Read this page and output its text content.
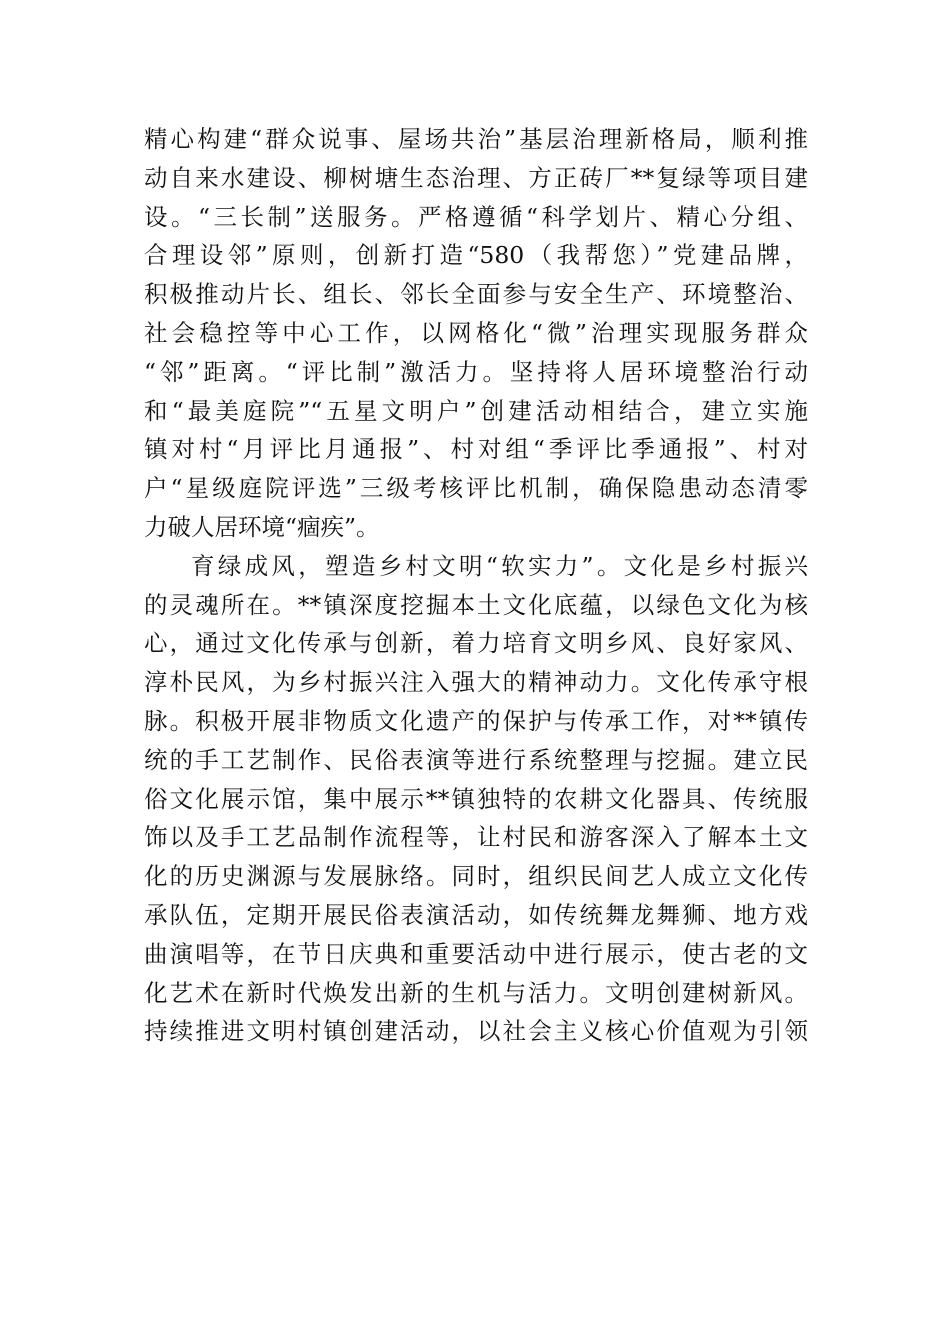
精心构建“群众说事、屋场共治”基层治理新格局，顺利推
动自来水建设、柳树塘生态治理、方正砖厂**复绿等项目建
设。“三长制”送服务。严格遵循“科学划片、精心分组、
合理设邻”原则，创新打造“580（我帮您）”党建品牌，
积极推动片长、组长、邻长全面参与安全生产、环境整治、
社会稳控等中心工作，以网格化“微”治理实现服务群众
“邻”距离。“评比制”激活力。坚持将人居环境整治行动
和“最美庭院”“五星文明户”创建活动相结合，建立实施
镇对村“月评比月通报”、村对组“季评比季通报”、村对
户“星级庭院评选”三级考核评比机制，确保隐患动态清零
力破人居环境“痼疾”。
育绿成风，塑造乡村文明“软实力”。文化是乡村振兴
的灵魂所在。**镇深度挖掘本土文化底蕴，以绿色文化为核
心，通过文化传承与创新，着力培育文明乡风、良好家风、
淳朴民风，为乡村振兴注入强大的精神动力。文化传承守根
脉。积极开展非物质文化遗产的保护与传承工作，对**镇传
统的手工艺制作、民俗表演等进行系统整理与挖掘。建立民
俗文化展示馆，集中展示**镇独特的农耕文化器具、传统服
饰以及手工艺品制作流程等，让村民和游客深入了解本土文
化的历史渊源与发展脉络。同时，组织民间艺人成立文化传
承队伍，定期开展民俗表演活动，如传统舞龙舞狮、地方戏
曲演唱等，在节日庆典和重要活动中进行展示，使古老的文
化艺术在新时代焕发出新的生机与活力。文明创建树新风。
持续推进文明村镇创建活动，以社会主义核心价值观为引领
